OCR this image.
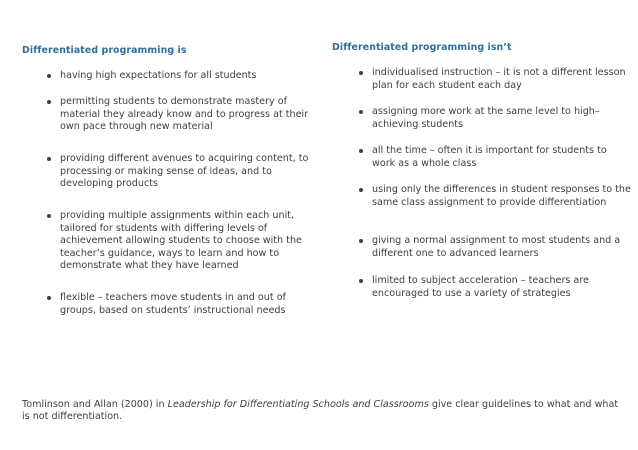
Differentiated programming is
having high expectations for all students
permitting students to demonstrate mastery of material they already know and to progress at their own pace through new material
providing different avenues to acquiring content, to processing or making sense of ideas, and to developing products
providing multiple assignments within each unit, tailored for students with differing levels of achievement allowing students to choose with the teacher’s guidance, ways to learn and how to demonstrate what they have learned
flexible – teachers move students in and out of groups, based on students’ instructional needs
Differentiated programming isn’t
individualised instruction – it is not a different lesson plan for each student each day
assigning more work at the same level to high–achieving students
all the time – often it is important for students to work as a whole class
using only the differences in student responses to the same class assignment to provide differentiation
giving a normal assignment to most students and a different one to advanced learners
limited to subject acceleration – teachers are encouraged to use a variety of strategies

Tomlinson and Allan (2000) in Leadership for Differentiating Schools and Classrooms give clear guidelines to what and what is not differentiation.
